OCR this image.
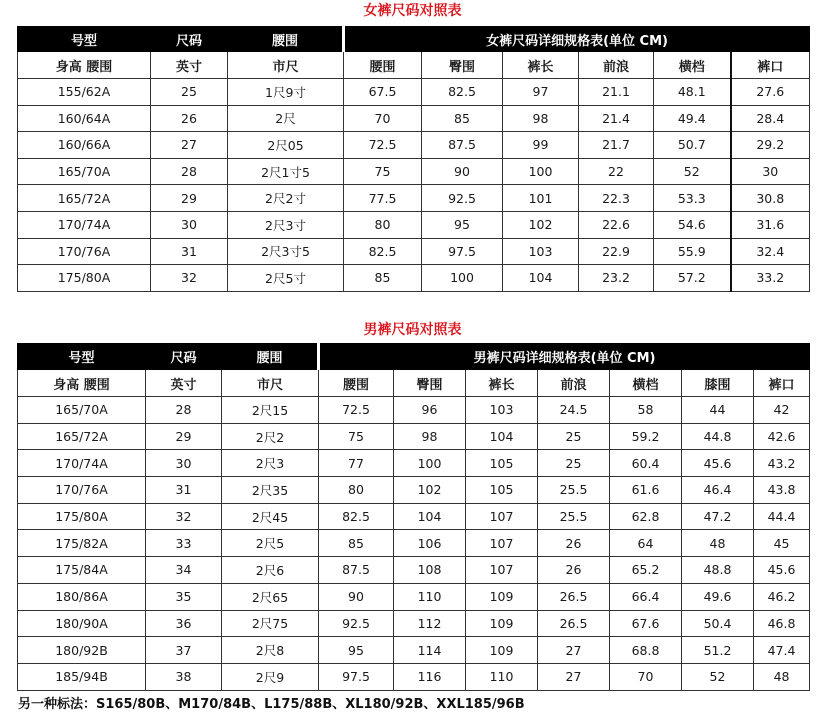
女裤尺码对照表
号型	尺码	腰围	女裤尺码详细规格表(单位 CM)					
身高 腰围	英寸	市尺	腰围	臀围	裤长	前浪	横档	裤口
155/62A	25	1尺9寸	67.5	82.5	97	21.1	48.1	27.6
160/64A	26	2尺	70	85	98	21.4	49.4	28.4
160/66A	27	2尺05	72.5	87.5	99	21.7	50.7	29.2
165/70A	28	2尺1寸5	75	90	100	22	52	30
165/72A	29	2尺2寸	77.5	92.5	101	22.3	53.3	30.8
170/74A	30	2尺3寸	80	95	102	22.6	54.6	31.6
170/76A	31	2尺3寸5	82.5	97.5	103	22.9	55.9	32.4
175/80A	32	2尺5寸	85	100	104	23.2	57.2	33.2
男裤尺码对照表
号型	尺码	腰围	男裤尺码详细规格表(单位 CM)						
身高 腰围	英寸	市尺	腰围	臀围	裤长	前浪	横档	膝围	裤口
165/70A	28	2尺15	72.5	96	103	24.5	58	44	42
165/72A	29	2尺2	75	98	104	25	59.2	44.8	42.6
170/74A	30	2尺3	77	100	105	25	60.4	45.6	43.2
170/76A	31	2尺35	80	102	105	25.5	61.6	46.4	43.8
175/80A	32	2尺45	82.5	104	107	25.5	62.8	47.2	44.4
175/82A	33	2尺5	85	106	107	26	64	48	45
175/84A	34	2尺6	87.5	108	107	26	65.2	48.8	45.6
180/86A	35	2尺65	90	110	109	26.5	66.4	49.6	46.2
180/90A	36	2尺75	92.5	112	109	26.5	67.6	50.4	46.8
180/92B	37	2尺8	95	114	109	27	68.8	51.2	47.4
185/94B	38	2尺9	97.5	116	110	27	70	52	48
另一种标法：S165/80B、M170/84B、L175/88B、XL180/92B、XXL185/96B
